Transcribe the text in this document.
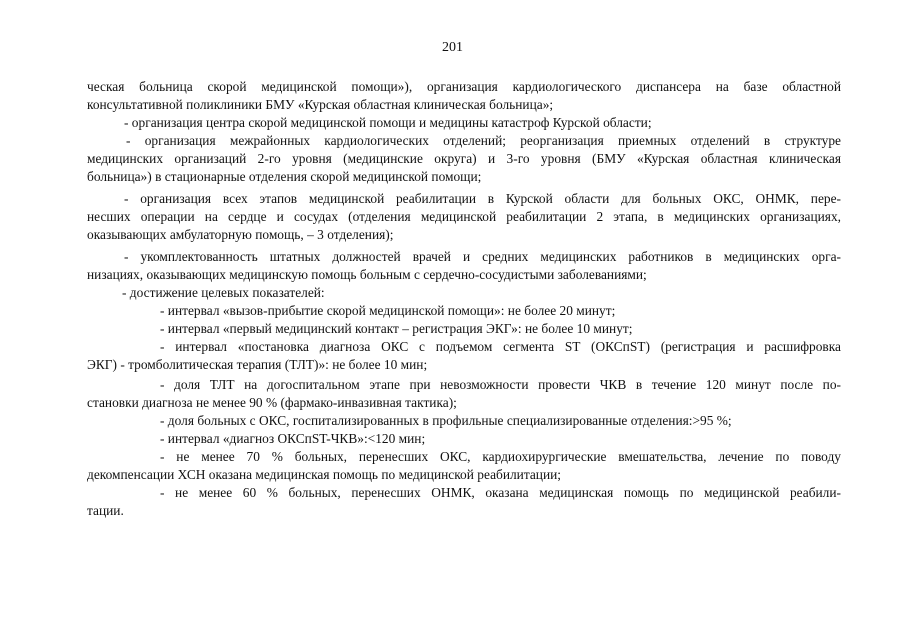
201
ческая больница скорой медицинской помощи»), организация кардиологического диспансера на базе областной
консультативной поликлиники БМУ «Курская областная клиническая больница»;
- организация центра скорой медицинской помощи и медицины катастроф Курской области;
- организация межрайонных кардиологических отделений; реорганизация приемных отделений в структуре
медицинских организаций 2-го уровня (медицинские округа) и 3-го уровня (БМУ «Курская областная клиническая
больница») в стационарные отделения скорой медицинской помощи;
- организация всех этапов медицинской реабилитации в Курской области для больных ОКС, ОНМК, пере-
несших операции на сердце и сосудах (отделения медицинской реабилитации 2 этапа, в медицинских организациях,
оказывающих амбулаторную помощь, – 3 отделения);
- укомплектованность штатных должностей врачей и средних медицинских работников в медицинских орга-
низациях, оказывающих медицинскую помощь больным с сердечно-сосудистыми заболеваниями;
- достижение целевых показателей:
- интервал «вызов-прибытие скорой медицинской помощи»: не более 20 минут;
- интервал «первый медицинский контакт – регистрация ЭКГ»: не более 10 минут;
- интервал «постановка диагноза ОКС с подъемом сегмента ST (ОКСпST) (регистрация и расшифровка
ЭКГ) - тромболитическая терапия (ТЛТ)»: не более 10 мин;
- доля ТЛТ на догоспитальном этапе при невозможности провести ЧКВ в течение 120 минут после по-
становки диагноза не менее 90 % (фармако-инвазивная тактика);
- доля больных с ОКС, госпитализированных в профильные специализированные отделения:>95 %;
- интервал «диагноз ОКСпST-ЧКВ»:<120 мин;
- не менее 70 % больных, перенесших ОКС, кардиохирургические вмешательства, лечение по поводу
декомпенсации ХСН оказана медицинская помощь по медицинской реабилитации;
- не менее 60 % больных, перенесших ОНМК, оказана медицинская помощь по медицинской реабили-
тации.
